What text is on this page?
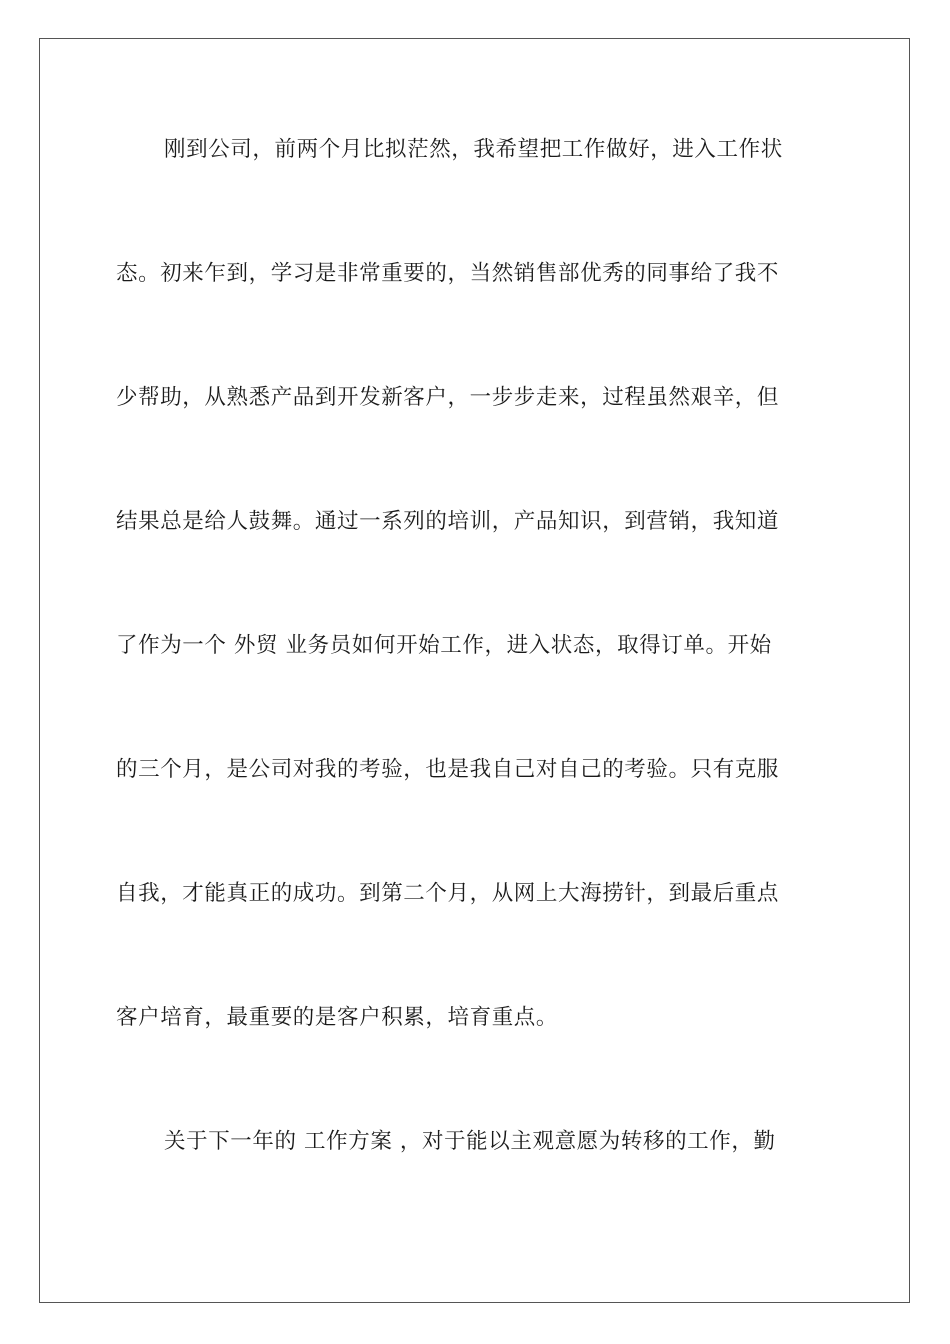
刚到公司，前两个月比拟茫然，我希望把工作做好，进入工作状
态。初来乍到，学习是非常重要的，当然销售部优秀的同事给了我不
少帮助，从熟悉产品到开发新客户，一步步走来，过程虽然艰辛，但
结果总是给人鼓舞。通过一系列的培训，产品知识，到营销，我知道
了作为一个 外贸 业务员如何开始工作，进入状态，取得订单。开始
的三个月，是公司对我的考验，也是我自己对自己的考验。只有克服
自我，才能真正的成功。到第二个月，从网上大海捞针，到最后重点
客户培育，最重要的是客户积累，培育重点。
关于下一年的 工作方案 ，对于能以主观意愿为转移的工作，勤
